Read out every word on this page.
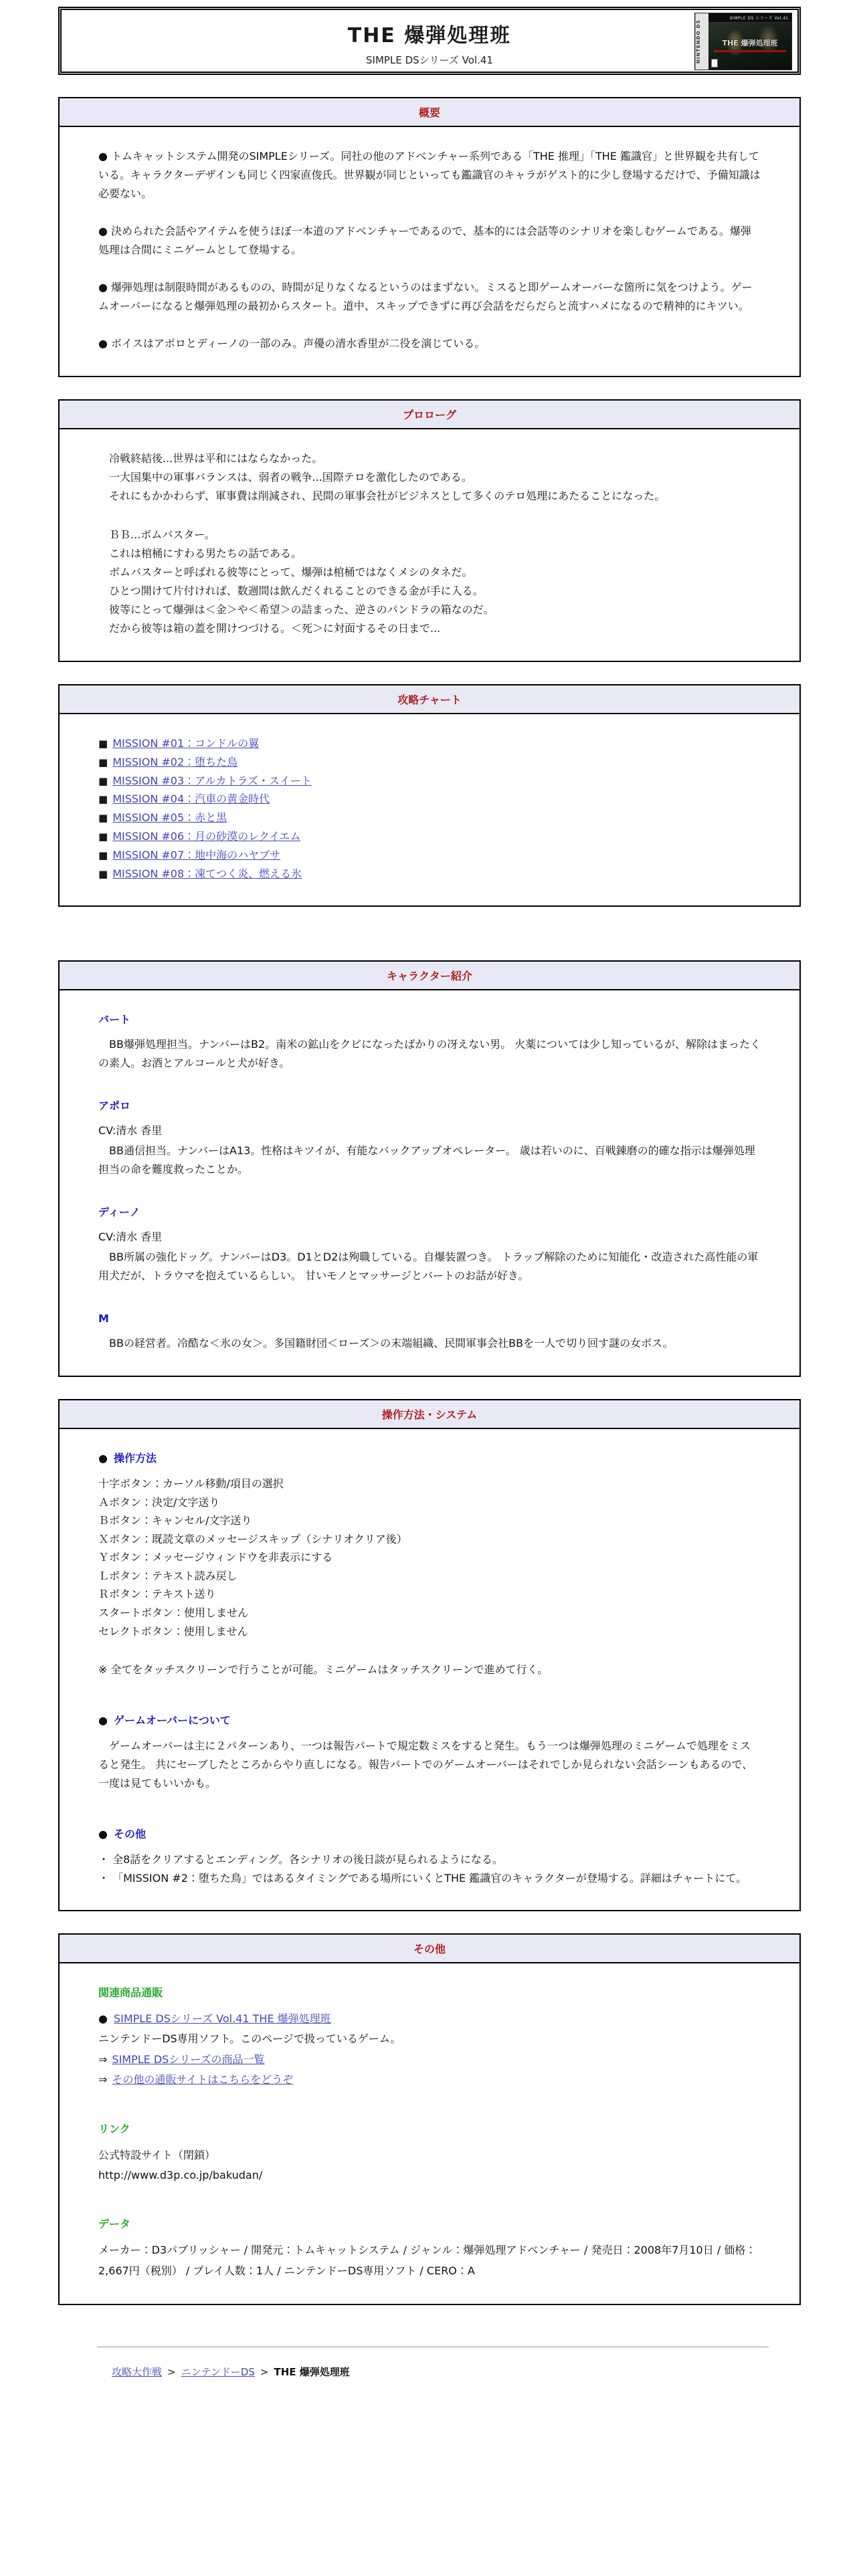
THE 爆弾処理班
SIMPLE DSシリーズ Vol.41	NINTENDO DS
SIMPLE DS シリーズ Vol.41
THE 爆弾処理班
概要

● トムキャットシステム開発のSIMPLEシリーズ。同社の他のアドベンチャー系列である「THE 推理」「THE 鑑識官」と世界観を共有している。キャラクターデザインも同じく四家直俊氏。世界観が同じといっても鑑識官のキャラがゲスト的に少し登場するだけで、予備知識は必要ない。

● 決められた会話やアイテムを使うほぼ一本道のアドベンチャーであるので、基本的には会話等のシナリオを楽しむゲームである。爆弾処理は合間にミニゲームとして登場する。

● 爆弾処理は制限時間があるものの、時間が足りなくなるというのはまずない。ミスると即ゲームオーバーな箇所に気をつけよう。ゲームオーバーになると爆弾処理の最初からスタート。道中、スキップできずに再び会話をだらだらと流すハメになるので精神的にキツい。

● ボイスはアポロとディーノの一部のみ。声優の清水香里が二役を演じている。

プロローグ

　冷戦終結後...世界は平和にはならなかった。

　一大国集中の軍事バランスは、弱者の戦争...国際テロを激化したのである。

　それにもかかわらず、軍事費は削減され、民間の軍事会社がビジネスとして多くのテロ処理にあたることになった。

　ＢＢ...ボムバスター。

　これは棺桶にすわる男たちの話である。

　ボムバスターと呼ばれる彼等にとって、爆弾は棺桶ではなくメシのタネだ。

　ひとつ開けて片付ければ、数週間は飲んだくれることのできる金が手に入る。

　彼等にとって爆弾は＜金＞や＜希望＞の詰まった、逆さのパンドラの箱なのだ。

　だから彼等は箱の蓋を開けつづける。＜死＞に対面するその日まで...

攻略チャート
■ MISSION #01：コンドルの翼
■ MISSION #02：堕ちた鳥
■ MISSION #03：アルカトラズ・スイート
■ MISSION #04：汽車の黄金時代
■ MISSION #05：赤と黒
■ MISSION #06：月の砂漠のレクイエム
■ MISSION #07：地中海のハヤブサ
■ MISSION #08：凍てつく炎、燃える氷
キャラクター紹介
バート

　BB爆弾処理担当。ナンバーはB2。南米の鉱山をクビになったばかりの冴えない男。 火薬については少し知っているが、解除はまったくの素人。お酒とアルコールと犬が好き。

アポロ
CV:清水 香里

　BB通信担当。ナンバーはA13。性格はキツイが、有能なバックアップオペレーター。 歳は若いのに、百戦錬磨の的確な指示は爆弾処理担当の命を難度救ったことか。

ディーノ
CV:清水 香里

　BB所属の強化ドッグ。ナンバーはD3。D1とD2は殉職している。自爆装置つき。 トラップ解除のために知能化・改造された高性能の軍用犬だが、トラウマを抱えているらしい。 甘いモノとマッサージとバートのお話が好き。

M

　BBの経営者。冷酷な＜氷の女＞。多国籍財団＜ローズ＞の末端組織、民間軍事会社BBを一人で切り回す謎の女ボス。

操作方法・システム
● 操作方法
十字ボタン：カーソル移動/項目の選択
Ａボタン：決定/文字送り
Ｂボタン：キャンセル/文字送り
Ｘボタン：既読文章のメッセージスキップ（シナリオクリア後）
Ｙボタン：メッセージウィンドウを非表示にする
Ｌボタン：テキスト読み戻し
Ｒボタン：テキスト送り
スタートボタン：使用しません
セレクトボタン：使用しません

※ 全てをタッチスクリーンで行うことが可能。ミニゲームはタッチスクリーンで進めて行く。

● ゲームオーバーについて

　ゲームオーバーは主に２パターンあり、一つは報告パートで規定数ミスをすると発生。もう一つは爆弾処理のミニゲームで処理をミスると発生。 共にセーブしたところからやり直しになる。報告パートでのゲームオーバーはそれでしか見られない会話シーンもあるので、一度は見てもいいかも。

● その他
・ 全8話をクリアするとエンディング。各シナリオの後日談が見られるようになる。
・ 「MISSION #2：堕ちた鳥」ではあるタイミングである場所にいくとTHE 鑑識官のキャラクターが登場する。詳細はチャートにて。
その他
関連商品通販
● SIMPLE DSシリーズ Vol.41 THE 爆弾処理班
ニンテンドーDS専用ソフト。このページで扱っているゲーム。
⇒ SIMPLE DSシリーズの商品一覧
⇒ その他の通販サイトはこちらをどうぞ
リンク
公式特設サイト（閉鎖）
http://www.d3p.co.jp/bakudan/
データ

メーカー：D3パブリッシャー / 開発元：トムキャットシステム / ジャンル：爆弾処理アドベンチャー / 発売日：2008年7月10日 / 価格：2,667円（税別） / プレイ人数：1人 / ニンテンドーDS専用ソフト / CERO：A

攻略大作戦 > ニンテンドーDS > THE 爆弾処理班
